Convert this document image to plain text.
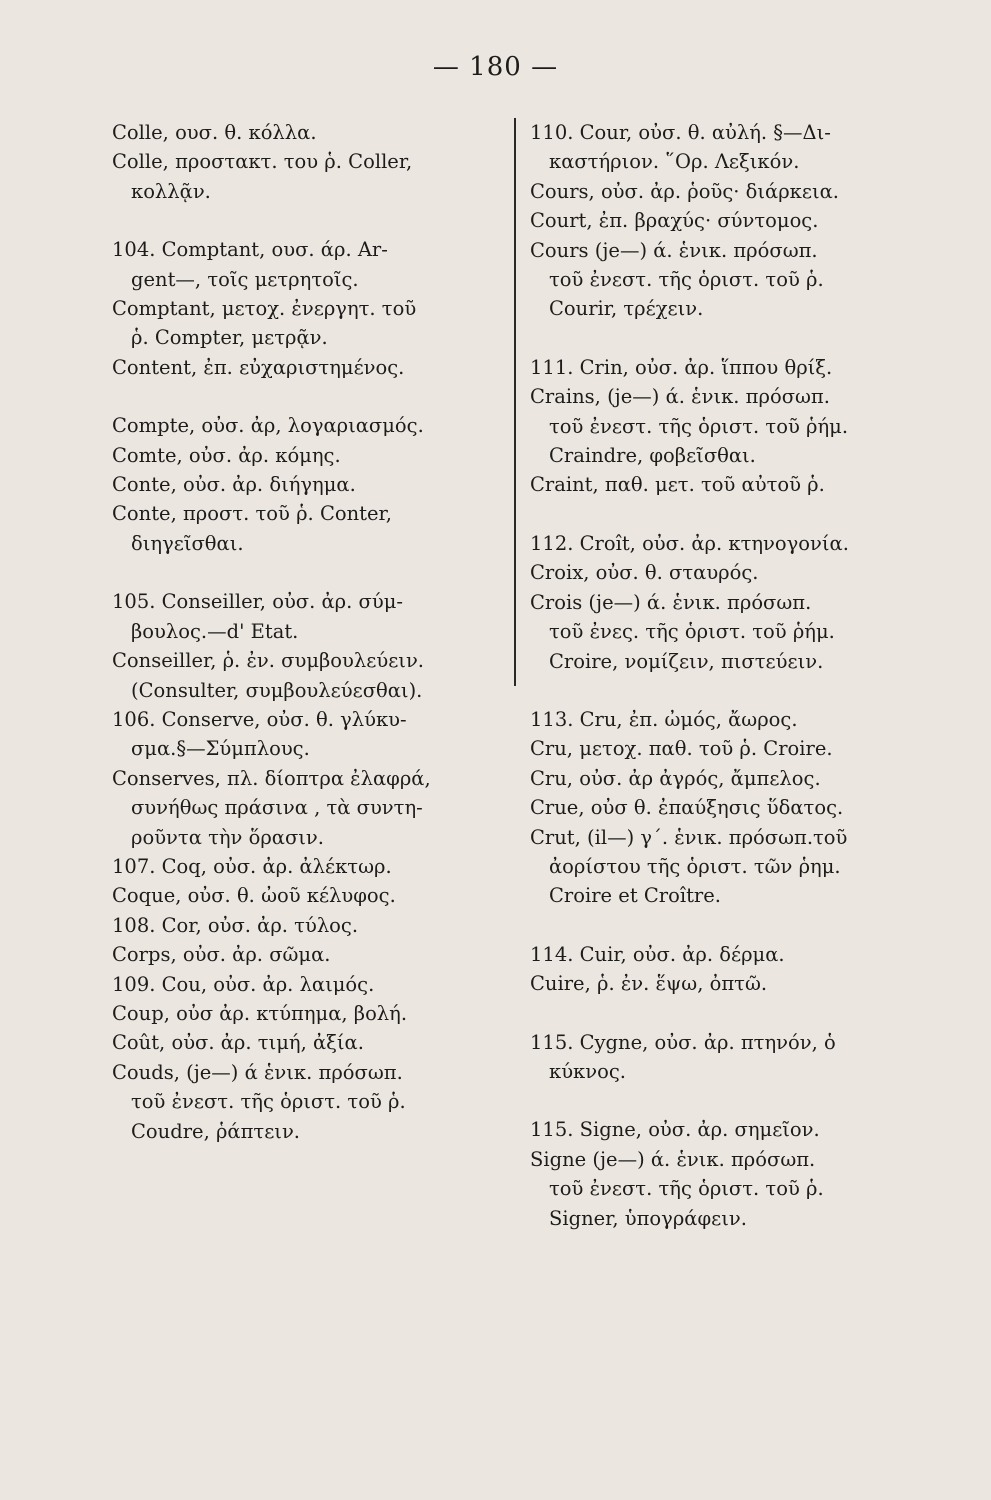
— 180 —
Colle, ουσ. θ. κόλλα.
Colle, προστακτ. του ῥ. Coller,
κολλᾷν.
104. Comptant, ουσ. άρ. Ar-
gent—, τοῖς μετρητοῖς.
Comptant, μετοχ. ἐνεργητ. τοῦ
ῥ. Compter, μετρᾷν.
Content, ἐπ. εὐχαριστημένος.
Compte, οὐσ. ἀρ, λογαριασμός.
Comte, οὐσ. ἀρ. κόμης.
Conte, οὐσ. ἀρ. διήγημα.
Conte, προστ. τοῦ ῥ. Conter,
διηγεῖσθαι.
105. Conseiller, οὐσ. ἀρ. σύμ-
βουλος.—d' Etat.
Conseiller, ῥ. ἐν. συμβουλεύειν.
(Consulter, συμβουλεύεσθαι).
106. Conserve, οὐσ. θ. γλύκυ-
σμα.§—Σύμπλους.
Conserves, πλ. δίοπτρα ἐλαφρά,
συνήθως πράσινα , τὰ συντη-
ροῦντα τὴν ὅρασιν.
107. Coq, οὐσ. ἀρ. ἀλέκτωρ.
Coque, οὐσ. θ. ὠοῦ κέλυφος.
108. Cor, οὐσ. ἀρ. τύλος.
Corps, οὐσ. ἀρ. σῶμα.
109. Cou, οὐσ. ἀρ. λαιμός.
Coup, οὐσ ἀρ. κτύπημα, βολή.
Coût, οὐσ. ἀρ. τιμή, ἀξία.
Couds, (je—) ά ἑνικ. πρόσωπ.
τοῦ ἐνεστ. τῆς ὁριστ. τοῦ ῥ.
Coudre, ῥάπτειν.
110. Cour, οὐσ. θ. αὐλή. §—Δι-
καστήριον. ῞Ορ. Λεξικόν.
Cours, οὐσ. ἀρ. ῥοῦς· διάρκεια.
Court, ἐπ. βραχύς· σύντομος.
Cours (je—) ά. ἑνικ. πρόσωπ.
τοῦ ἐνεστ. τῆς ὁριστ. τοῦ ῥ.
Courir, τρέχειν.
111. Crin, οὐσ. ἀρ. ἵππου θρίξ.
Crains, (je—) ά. ἑνικ. πρόσωπ.
τοῦ ἐνεστ. τῆς ὁριστ. τοῦ ῥήμ.
Craindre, φοβεῖσθαι.
Craint, παθ. μετ. τοῦ αὐτοῦ ῥ.
112. Croît, οὐσ. ἀρ. κτηνογονία.
Croix, οὐσ. θ. σταυρός.
Crois (je—) ά. ἑνικ. πρόσωπ.
τοῦ ἐνες. τῆς ὁριστ. τοῦ ῥήμ.
Croire, νομίζειν, πιστεύειν.
113. Cru, ἐπ. ὠμός, ἄωρος.
Cru, μετοχ. παθ. τοῦ ῥ. Croire.
Cru, οὐσ. ἀρ ἀγρός, ἄμπελος.
Crue, οὐσ θ. ἐπαύξησις ὕδατος.
Crut, (il—) γ΄. ἑνικ. πρόσωπ.τοῦ
ἀορίστου τῆς ὁριστ. τῶν ῥημ.
Croire et Croître.
114. Cuir, οὐσ. ἀρ. δέρμα.
Cuire, ῥ. ἐν. ἕψω, ὀπτῶ.
115. Cygne, οὐσ. ἀρ. πτηνόν, ὁ
κύκνος.
115. Signe, οὐσ. ἀρ. σημεῖον.
Signe (je—) ά. ἑνικ. πρόσωπ.
τοῦ ἐνεστ. τῆς ὁριστ. τοῦ ῥ.
Signer, ὑπογράφειν.
